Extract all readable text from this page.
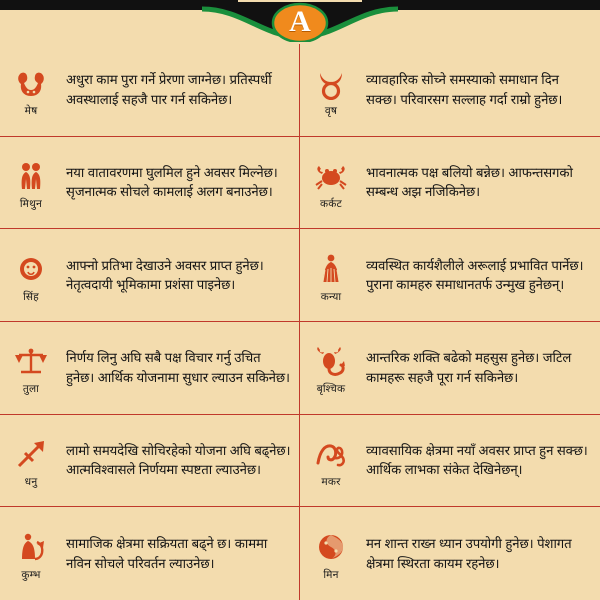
A
मेष

अधुरा काम पुरा गर्ने प्रेरणा जाग्नेछ। प्रतिस्पर्धी अवस्थालाई सहजै पार गर्न सकिनेछ।

वृष

व्यावहारिक सोच्ने समस्याको समाधान दिन सक्छ। परिवारसग सल्लाह गर्दा राम्रो हुनेछ।

मिथुन

नया वातावरणमा घुलमिल हुने अवसर मिल्नेछ। सृजनात्मक सोचले कामलाई अलग बनाउनेछ।

कर्कट

भावनात्मक पक्ष बलियो बन्नेछ। आफन्तसगको सम्बन्ध अझ नजिकिनेछ।

सिंह

आफ्नो प्रतिभा देखाउने अवसर प्राप्त हुनेछ। नेतृत्वदायी भूमिकामा प्रशंसा पाइनेछ।

कन्या

व्यवस्थित कार्यशैलीले अरूलाई प्रभावित पार्नेछ। पुराना कामहरु समाधानतर्फ उन्मुख हुनेछन्।

तुला

निर्णय लिनु अघि सबै पक्ष विचार गर्नु उचित हुनेछ। आर्थिक योजनामा सुधार ल्याउन सकिनेछ।

बृश्चिक

आन्तरिक शक्ति बढेको महसुस हुनेछ। जटिल कामहरू सहजै पूरा गर्न सकिनेछ।

धनु

लामो समयदेखि सोचिरहेको योजना अघि बढ्नेछ। आत्मविश्वासले निर्णयमा स्पष्टता ल्याउनेछ।

मकर

व्यावसायिक क्षेत्रमा नयाँ अवसर प्राप्त हुन सक्छ। आर्थिक लाभका संकेत देखिनेछन्।

कुम्भ

सामाजिक क्षेत्रमा सक्रियता बढ्ने छ। काममा नविन सोचले परिवर्तन ल्याउनेछ।

मिन

मन शान्त राख्न ध्यान उपयोगी हुनेछ। पेशागत क्षेत्रमा स्थिरता कायम रहनेछ।
